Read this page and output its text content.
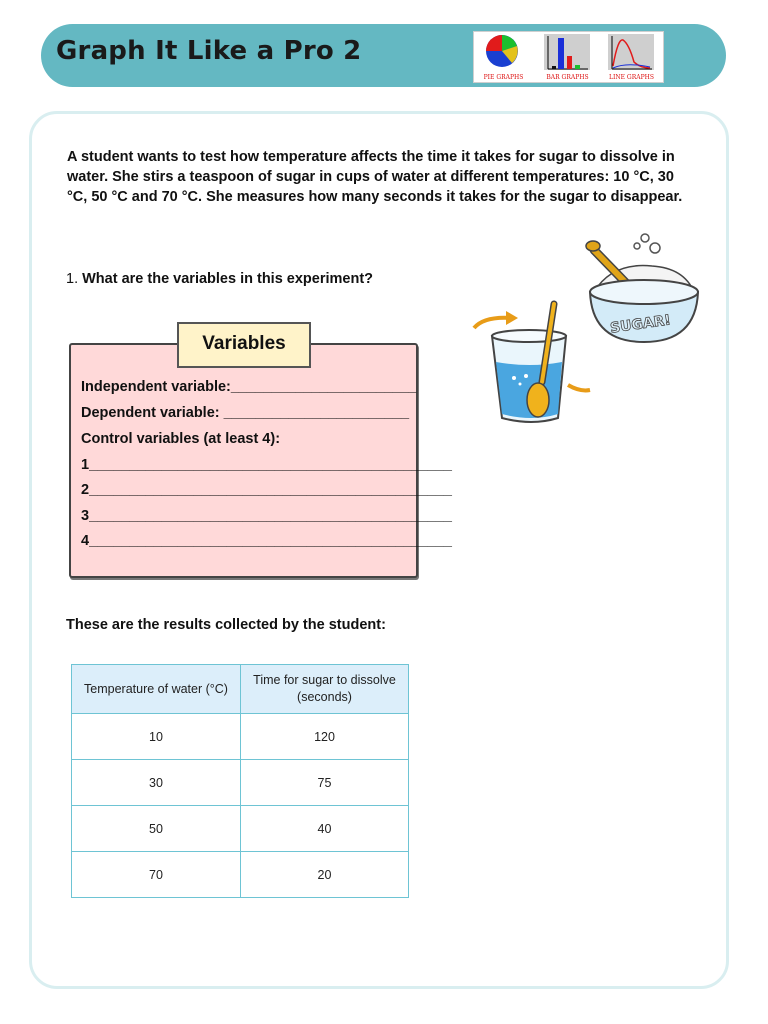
Graph It Like a Pro 2
PIE GRAPHS	BAR GRAPHS	LINE GRAPHS
A student wants to test how temperature affects the time it takes for sugar to dissolve in water. She stirs a teaspoon of sugar in cups of water at different temperatures: 10 °C, 30 °C, 50 °C and 70 °C. She measures how many seconds it takes for the sugar to disappear.
1. What are the variables in this experiment?
SUGAR!
Variables
Independent variable:_______________________
Dependent variable: _______________________
Control variables (at least 4):
1_____________________________________________
2_____________________________________________
3_____________________________________________
4_____________________________________________
These are the results collected by the student:
Temperature of water (°C)	Time for sugar to dissolve (seconds)
10	120
30	75
50	40
70	20
